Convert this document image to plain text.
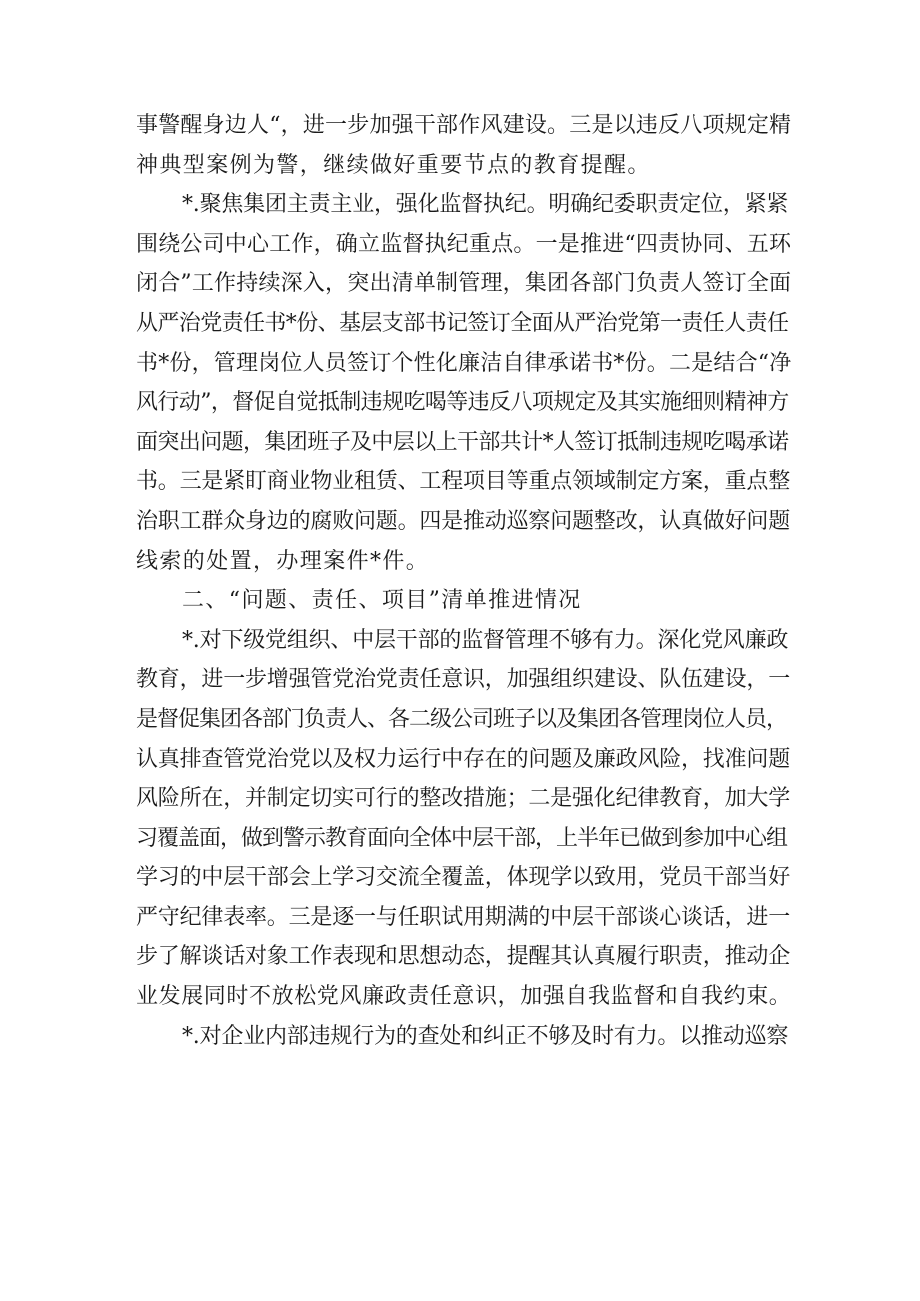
事警醒身边人“，进一步加强干部作风建设。三是以违反八项规定精
神典型案例为警，继续做好重要节点的教育提醒。
*.聚焦集团主责主业，强化监督执纪。明确纪委职责定位，紧紧
围绕公司中心工作，确立监督执纪重点。一是推进“四责协同、五环
闭合”工作持续深入，突出清单制管理，集团各部门负责人签订全面
从严治党责任书*份、基层支部书记签订全面从严治党第一责任人责任
书*份，管理岗位人员签订个性化廉洁自律承诺书*份。二是结合“净
风行动”，督促自觉抵制违规吃喝等违反八项规定及其实施细则精神方
面突出问题，集团班子及中层以上干部共计*人签订抵制违规吃喝承诺
书。三是紧盯商业物业租赁、工程项目等重点领域制定方案，重点整
治职工群众身边的腐败问题。四是推动巡察问题整改，认真做好问题
线索的处置，办理案件*件。
二、“问题、责任、项目”清单推进情况
*.对下级党组织、中层干部的监督管理不够有力。深化党风廉政
教育，进一步增强管党治党责任意识，加强组织建设、队伍建设，一
是督促集团各部门负责人、各二级公司班子以及集团各管理岗位人员，
认真排查管党治党以及权力运行中存在的问题及廉政风险，找准问题
风险所在，并制定切实可行的整改措施；二是强化纪律教育，加大学
习覆盖面，做到警示教育面向全体中层干部，上半年已做到参加中心组
学习的中层干部会上学习交流全覆盖，体现学以致用，党员干部当好
严守纪律表率。三是逐一与任职试用期满的中层干部谈心谈话，进一
步了解谈话对象工作表现和思想动态，提醒其认真履行职责，推动企
业发展同时不放松党风廉政责任意识，加强自我监督和自我约束。
*.对企业内部违规行为的查处和纠正不够及时有力。以推动巡察
